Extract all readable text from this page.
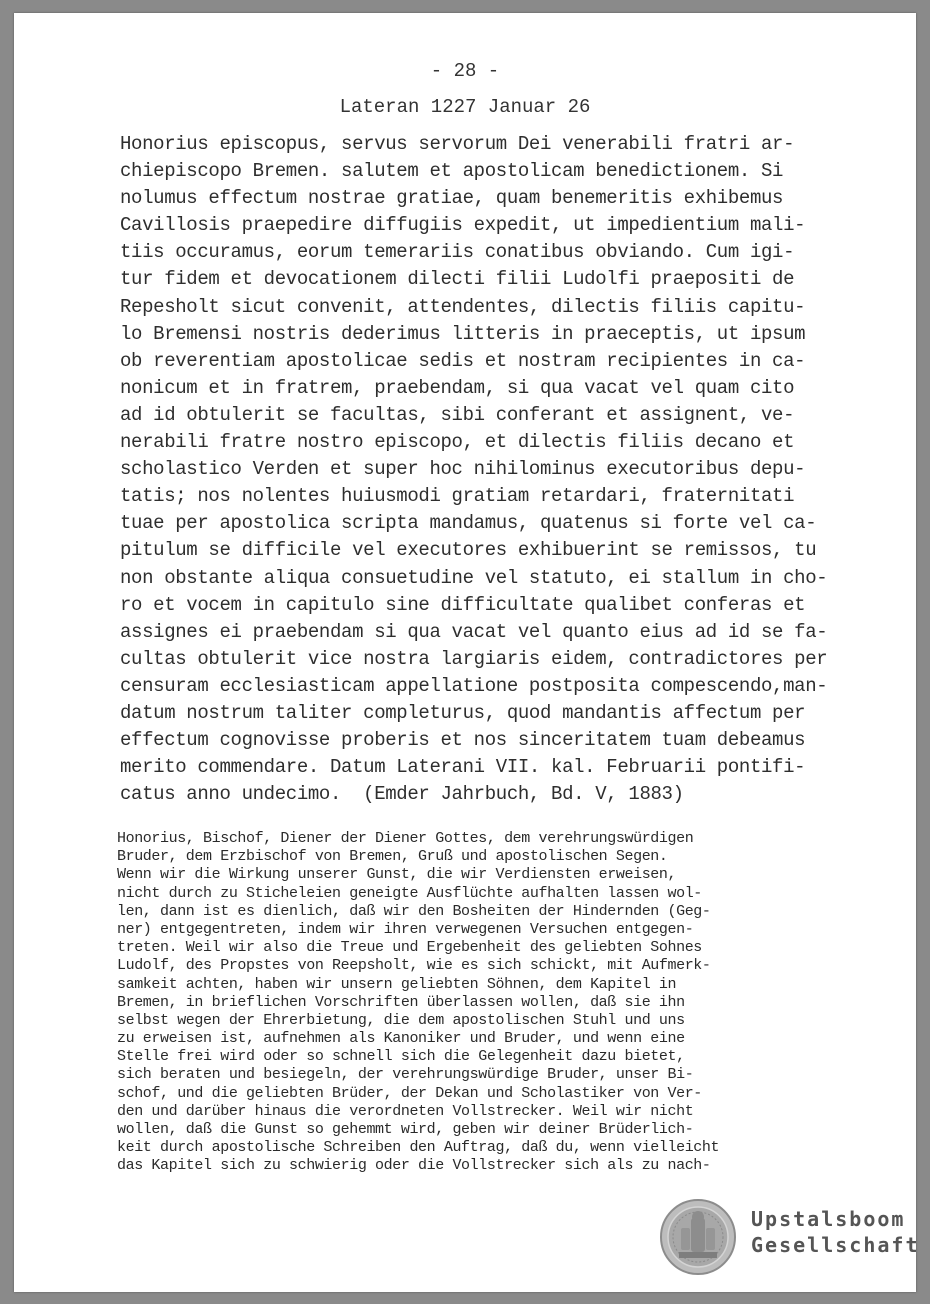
- 28 -
Lateran 1227 Januar 26
Honorius episcopus, servus servorum Dei venerabili fratri ar-
chiepiscopo Bremen. salutem et apostolicam benedictionem. Si
nolumus effectum nostrae gratiae, quam benemeritis exhibemus
Cavillosis praepedire diffugiis expedit, ut impedientium mali-
tiis occuramus, eorum temerariis conatibus obviando. Cum igi-
tur fidem et devocationem dilecti filii Ludolfi praepositi de
Repesholt sicut convenit, attendentes, dilectis filiis capitu-
lo Bremensi nostris dederimus litteris in praeceptis, ut ipsum
ob reverentiam apostolicae sedis et nostram recipientes in ca-
nonicum et in fratrem, praebendam, si qua vacat vel quam cito
ad id obtulerit se facultas, sibi conferant et assignent, ve-
nerabili fratre nostro episcopo, et dilectis filiis decano et
scholastico Verden et super hoc nihilominus executoribus depu-
tatis; nos nolentes huiusmodi gratiam retardari, fraternitati
tuae per apostolica scripta mandamus, quatenus si forte vel ca-
pitulum se difficile vel executores exhibuerint se remissos, tu
non obstante aliqua consuetudine vel statuto, ei stallum in cho-
ro et vocem in capitulo sine difficultate qualibet conferas et
assignes ei praebendam si qua vacat vel quanto eius ad id se fa-
cultas obtulerit vice nostra largiaris eidem, contradictores per
censuram ecclesiasticam appellatione postposita compescendo,man-
datum nostrum taliter completurus, quod mandantis affectum per
effectum cognovisse proberis et nos sinceritatem tuam debeamus
merito commendare. Datum Laterani VII. kal. Februarii pontifi-
catus anno undecimo.  (Emder Jahrbuch, Bd. V, 1883)
Honorius, Bischof, Diener der Diener Gottes, dem verehrungswürdigen
Bruder, dem Erzbischof von Bremen, Gruß und apostolischen Segen.
Wenn wir die Wirkung unserer Gunst, die wir Verdiensten erweisen,
nicht durch zu Sticheleien geneigte Ausflüchte aufhalten lassen wol-
len, dann ist es dienlich, daß wir den Bosheiten der Hindernden (Geg-
ner) entgegentreten, indem wir ihren verwegenen Versuchen entgegen-
treten. Weil wir also die Treue und Ergebenheit des geliebten Sohnes
Ludolf, des Propstes von Reepsholt, wie es sich schickt, mit Aufmerk-
samkeit achten, haben wir unsern geliebten Söhnen, dem Kapitel in
Bremen, in brieflichen Vorschriften überlassen wollen, daß sie ihn
selbst wegen der Ehrerbietung, die dem apostolischen Stuhl und uns
zu erweisen ist, aufnehmen als Kanoniker und Bruder, und wenn eine
Stelle frei wird oder so schnell sich die Gelegenheit dazu bietet,
sich beraten und besiegeln, der verehrungswürdige Bruder, unser Bi-
schof, und die geliebten Brüder, der Dekan und Scholastiker von Ver-
den und darüber hinaus die verordneten Vollstrecker. Weil wir nicht
wollen, daß die Gunst so gehemmt wird, geben wir deiner Brüderlich-
keit durch apostolische Schreiben den Auftrag, daß du, wenn vielleicht
das Kapitel sich zu schwierig oder die Vollstrecker sich als zu nach-
Upstalsboom
Gesellschaft
